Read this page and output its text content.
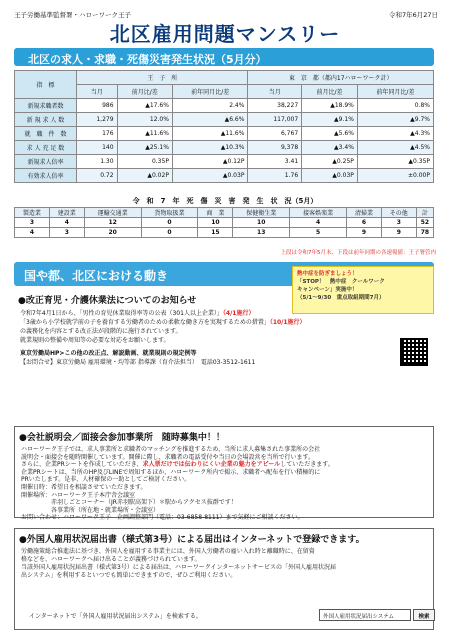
王子労働基準監督署・ハローワーク王子	令和7年6月27日
北区雇用問題マンスリー
北区の求人・求職・死傷災害発生状況（5月分）
指　標	王　子　所			東　京　都（都内17ハローワーク計）		
	当月	前月比/差	前年同月比/差	当月	前月比/差	前年同月比/差
新規求職者数	986	▲17.6%	2.4%	38,227	▲18.9%	0.8%
新 規 求 人 数	1,279	12.0%	▲6.6%	117,007	▲9.1%	▲9.7%
就　職　件　数	176	▲11.6%	▲11.6%	6,767	▲5.6%	▲4.3%
求 人 充 足 数	140	▲25.1%	▲10.3%	9,378	▲3.4%	▲4.5%
新規求人倍率	1.30	0.35P	▲0.12P	3.41	▲0.25P	▲0.35P
有効求人倍率	0.72	▲0.02P	▲0.03P	1.76	▲0.03P	±0.00P
令　和　7　年　死　傷　災　害　発　生　状　況（5月）
製造業	建設業	運輸交通業	貨物取扱業	商　業	保健衛生業	接客娯楽業	清掃業	その他	計
3	4	12	0	10	10	4	6	3	52
4	3	20	0	15	13	5	9	9	78
上段は令和7年5月末、下段は前年同期の各速報値：王子署管内
国や都、北区における動き	熱中症を防ぎましょう！
「STOP！　熱中症　クールワーク
キャンペーン」実施中！
（5/1～9/30　重点取組期間7月）
●改正育児・介護休業法についてのお知らせ
令和7年4月1日から、「男性の育児休業取得率等の公表（301人以上企業）」（4/1施行）
「3歳から小学校就学前の子を養育する労働者のための柔軟な働き方を実現するための措置」（10/1施行）
の義務化を内容とする改正法が段階的に施行されています。
就業規則の整備や周知等の必要な対応をお願いします。
東京労働局HP>この他の改正点、解説動画、就業規則の規定例等
【お問合せ】東京労働局 雇用環境・均等部 指導課（育介法担当）　電話03-3512-1611
●会社説明会／面接会参加事業所　随時募集中！！
ハローワーク王子では、求人事業所と求職者のマッチングを推進するため、当所に求人募集された事業所の会社
説明会・面接会を随時開催しています。開催に際し、求職者の電話受付や当日の会場設営を当所で行います。
さらに、企業PRシートを作成していただき、求人票だけでは伝わりにくい企業の魅力をアピールしていただきます。
企業PRシートは、当所のHP及びLINEで周知するほか、ハローワーク所内で掲示、求職者へ配布を行い積極的に
PRいたします。是非、人材確保の一助としてご検討ください。
開催日時：希望日を相談させていただきます。
開催場所：ハローワーク王子本庁舎会議室
赤羽しごとコーナー（JR赤羽駅高架下）＊駅からアクセス抜群です！
各事業所（所在地・就業場所・会議室）
お問い合わせ：ハローワーク王子　企画調整部門（電話：03-6858-8111）まで気軽にご相談ください。
●外国人雇用状況届出書（様式第3号）による届出はインターネットで登録できます。
労働施策総合推進法に基づき、外国人を雇用する事業主には、外国人労働者の雇い入れ時と離職時に、在留資
格などを、ハローワークへ届け出ることが義務づけられています。
当該外国人雇用状況届出書（様式第3号）による届出は、ハローワークインターネットサービスの「外国人雇用状況届
出システム」を利用するといつでも簡単にできますので、ぜひご利用ください。
インターネットで「外国人雇用状況届出システム」を検索する。	外国人雇用状況届出システム	検索
